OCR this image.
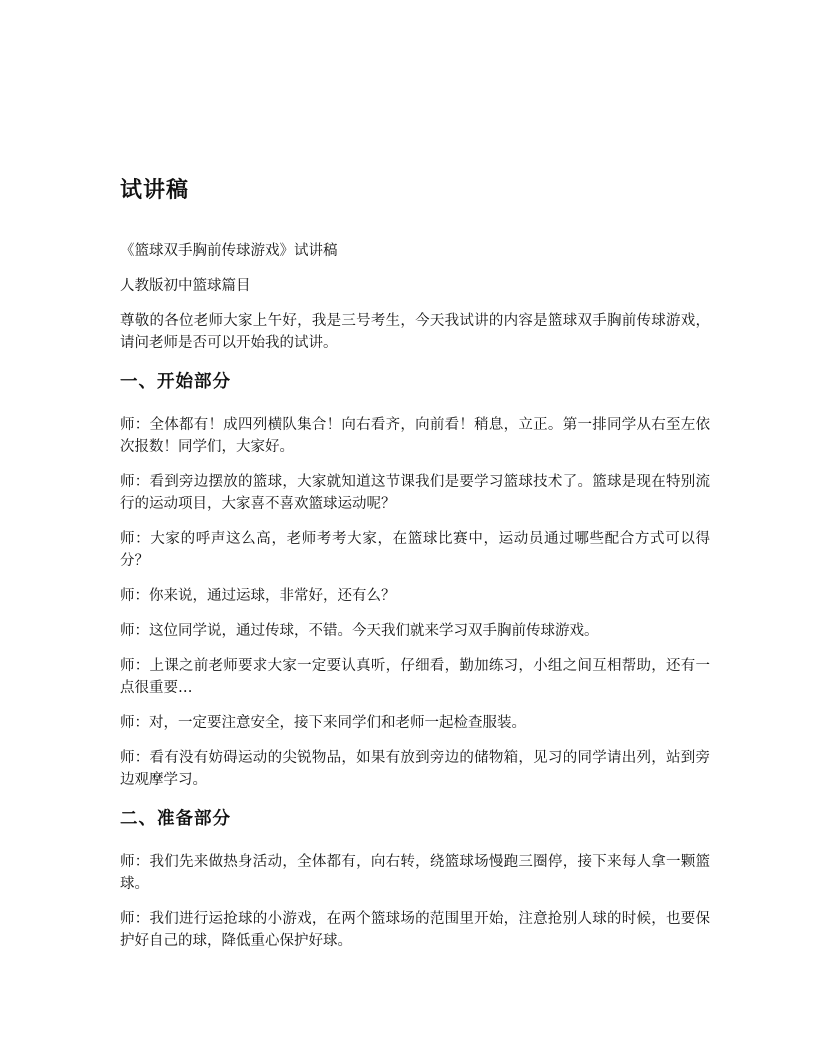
试讲稿

《篮球双手胸前传球游戏》试讲稿

人教版初中篮球篇目

尊敬的各位老师大家上午好，我是三号考生，今天我试讲的内容是篮球双手胸前传球游戏，请问老师是否可以开始我的试讲。

一、开始部分

师：全体都有！成四列横队集合！向右看齐，向前看！稍息，立正。第一排同学从右至左依次报数！同学们，大家好。

师：看到旁边摆放的篮球，大家就知道这节课我们是要学习篮球技术了。篮球是现在特别流行的运动项目，大家喜不喜欢篮球运动呢？

师：大家的呼声这么高，老师考考大家，在篮球比赛中，运动员通过哪些配合方式可以得分？

师：你来说，通过运球，非常好，还有么？

师：这位同学说，通过传球，不错。今天我们就来学习双手胸前传球游戏。

师：上课之前老师要求大家一定要认真听，仔细看，勤加练习，小组之间互相帮助，还有一点很重要…

师：对，一定要注意安全，接下来同学们和老师一起检查服装。

师：看有没有妨碍运动的尖锐物品，如果有放到旁边的储物箱，见习的同学请出列，站到旁边观摩学习。

二、准备部分

师：我们先来做热身活动，全体都有，向右转，绕篮球场慢跑三圈停，接下来每人拿一颗篮球。

师：我们进行运抢球的小游戏，在两个篮球场的范围里开始，注意抢别人球的时候，也要保护好自己的球，降低重心保护好球。
